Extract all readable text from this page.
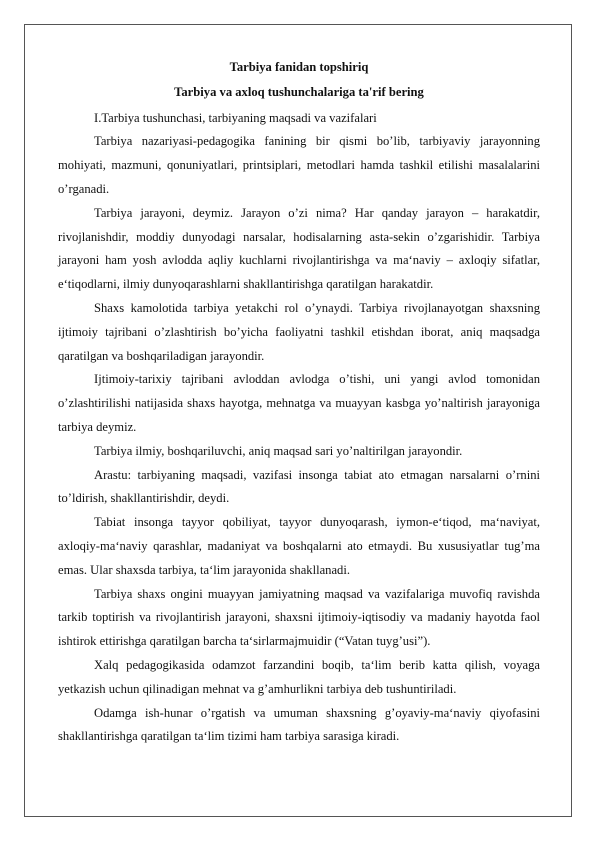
Tarbiya fanidan topshiriq

Tarbiya va axloq tushunchalariga ta'rif bering

I.Tarbiya tushunchasi, tarbiyaning maqsadi va vazifalari

Tarbiya nazariyasi-pedagogika fanining bir qismi bo’lib, tarbiyaviy jarayonning mohiyati, mazmuni, qonuniyatlari, printsiplari, metodlari hamda tashkil etilishi masalalarini o’rganadi.

Tarbiya jarayoni, deymiz. Jarayon o’zi nima? Har qanday jarayon – harakatdir, rivojlanishdir, moddiy dunyodagi narsalar, hodisalarning asta-sekin o’zgarishidir. Tarbiya jarayoni ham yosh avlodda aqliy kuchlarni rivojlantirishga va ma‘naviy – axloqiy sifatlar, e‘tiqodlarni, ilmiy dunyoqarashlarni shakllantirishga qaratilgan harakatdir.

Shaxs kamolotida tarbiya yetakchi rol o’ynaydi. Tarbiya rivojlanayotgan shaxsning ijtimoiy tajribani o’zlashtirish bo’yicha faoliyatni tashkil etishdan iborat, aniq maqsadga qaratilgan va boshqariladigan jarayondir.

Ijtimoiy-tarixiy tajribani avloddan avlodga o’tishi, uni yangi avlod tomonidan o’zlashtirilishi natijasida shaxs hayotga, mehnatga va muayyan kasbga yo’naltirish jarayoniga tarbiya deymiz.

Tarbiya ilmiy, boshqariluvchi, aniq maqsad sari yo’naltirilgan jarayondir.

Arastu: tarbiyaning maqsadi, vazifasi insonga tabiat ato etmagan narsalarni o’rnini to’ldirish, shakllantirishdir, deydi.

Tabiat insonga tayyor qobiliyat, tayyor dunyoqarash, iymon-e‘tiqod, ma‘naviyat, axloqiy-ma‘naviy qarashlar, madaniyat va boshqalarni ato etmaydi. Bu xususiyatlar tug’ma emas. Ular shaxsda tarbiya, ta‘lim jarayonida shakllanadi.

Tarbiya shaxs ongini muayyan jamiyatning maqsad va vazifalariga muvofiq ravishda tarkib toptirish va rivojlantirish jarayoni, shaxsni ijtimoiy-iqtisodiy va madaniy hayotda faol ishtirok ettirishga qaratilgan barcha ta‘sirlarmajmuidir (“Vatan tuyg’usi”).

Xalq pedagogikasida odamzot farzandini boqib, ta‘lim berib katta qilish, voyaga yetkazish uchun qilinadigan mehnat va g’amhurlikni tarbiya deb tushuntiriladi.

Odamga ish-hunar o’rgatish va umuman shaxsning g’oyaviy-ma‘naviy qiyofasini shakllantirishga qaratilgan ta‘lim tizimi ham tarbiya sarasiga kiradi.
